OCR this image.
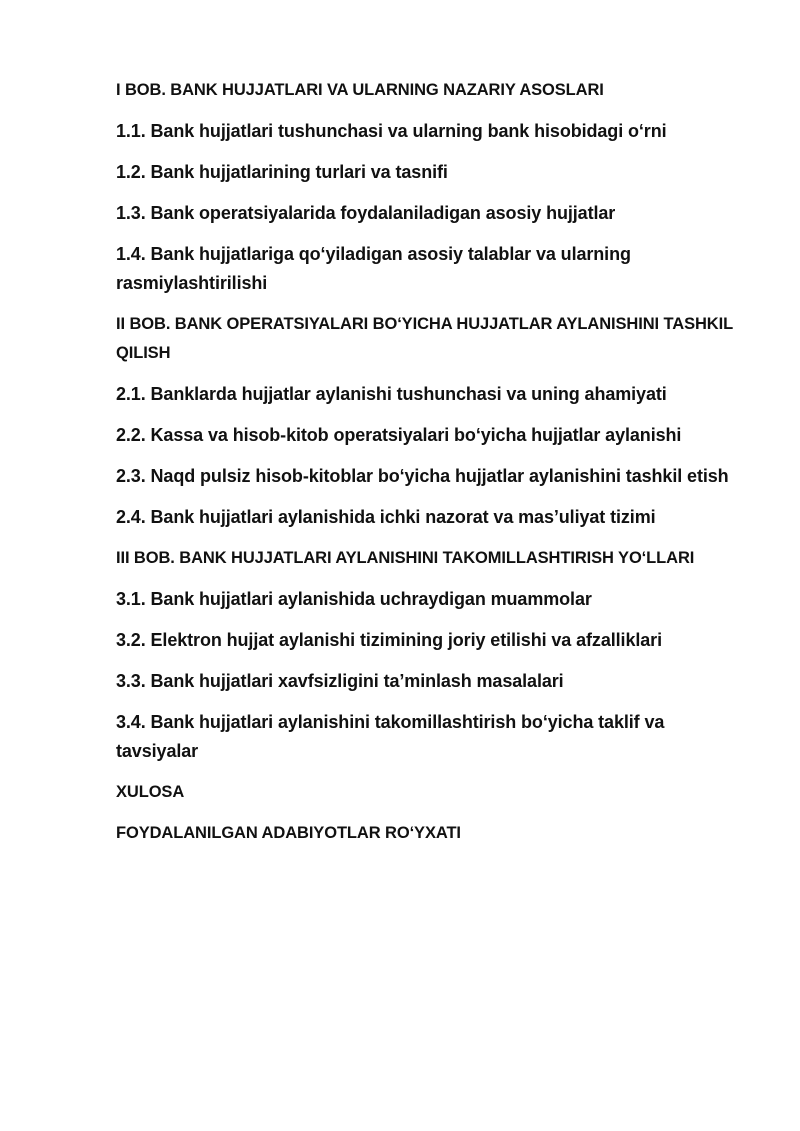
I BOB. BANK HUJJATLARI VA ULARNING NAZARIY ASOSLARI

1.1. Bank hujjatlari tushunchasi va ularning bank hisobidagi o‘rni

1.2. Bank hujjatlarining turlari va tasnifi

1.3. Bank operatsiyalarida foydalaniladigan asosiy hujjatlar

1.4. Bank hujjatlariga qo‘yiladigan asosiy talablar va ularning rasmiylashtirilishi

II BOB. BANK OPERATSIYALARI BO‘YICHA HUJJATLAR AYLANISHINI TASHKIL QILISH

2.1. Banklarda hujjatlar aylanishi tushunchasi va uning ahamiyati

2.2. Kassa va hisob-kitob operatsiyalari bo‘yicha hujjatlar aylanishi

2.3. Naqd pulsiz hisob-kitoblar bo‘yicha hujjatlar aylanishini tashkil etish

2.4. Bank hujjatlari aylanishida ichki nazorat va mas’uliyat tizimi

III BOB. BANK HUJJATLARI AYLANISHINI TAKOMILLASHTIRISH YO‘LLARI

3.1. Bank hujjatlari aylanishida uchraydigan muammolar

3.2. Elektron hujjat aylanishi tizimining joriy etilishi va afzalliklari

3.3. Bank hujjatlari xavfsizligini ta’minlash masalalari

3.4. Bank hujjatlari aylanishini takomillashtirish bo‘yicha taklif va tavsiyalar

XULOSA

FOYDALANILGAN ADABIYOTLAR RO‘YXATI
